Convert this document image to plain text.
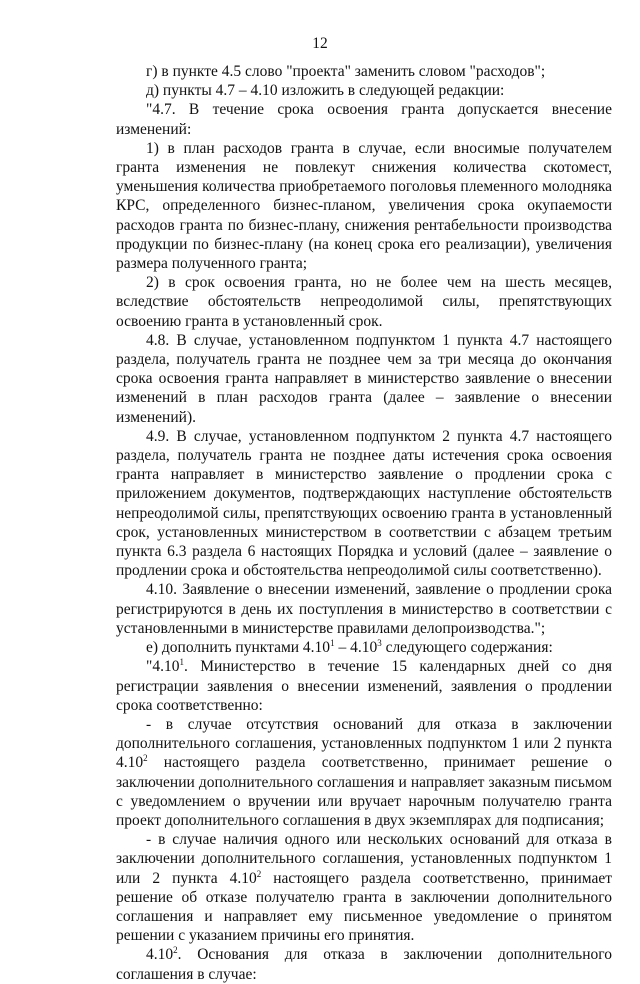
12

г) в пункте 4.5 слово "проекта" заменить словом "расходов";

д) пункты 4.7 – 4.10 изложить в следующей редакции:

"4.7. В течение срока освоения гранта допускается внесение изменений:

1) в план расходов гранта в случае, если вносимые получателем гранта изменения не повлекут снижения количества скотомест, уменьшения количества приобретаемого поголовья племенного молодняка КРС, определенного бизнес-планом, увеличения срока окупаемости расходов гранта по бизнес-плану, снижения рентабельности производства продукции по бизнес-плану (на конец срока его реализации), увеличения размера полученного гранта;

2) в срок освоения гранта, но не более чем на шесть месяцев, вследствие обстоятельств непреодолимой силы, препятствующих освоению гранта в установленный срок.

4.8. В случае, установленном подпунктом 1 пункта 4.7 настоящего раздела, получатель гранта не позднее чем за три месяца до окончания срока освоения гранта направляет в министерство заявление о внесении изменений в план расходов гранта (далее – заявление о внесении изменений).

4.9. В случае, установленном подпунктом 2 пункта 4.7 настоящего раздела, получатель гранта не позднее даты истечения срока освоения гранта направляет в министерство заявление о продлении срока с приложением документов, подтверждающих наступление обстоятельств непреодолимой силы, препятствующих освоению гранта в установленный срок, установленных министерством в соответствии с абзацем третьим пункта 6.3 раздела 6 настоящих Порядка и условий (далее – заявление о продлении срока и обстоятельства непреодолимой силы соответственно).

4.10. Заявление о внесении изменений, заявление о продлении срока регистрируются в день их поступления в министерство в соответствии с установленными в министерстве правилами делопроизводства.";

е) дополнить пунктами 4.10$^1$ – 4.10$^3$ следующего содержания:

"4.10$^1$. Министерство в течение 15 календарных дней со дня регистрации заявления о внесении изменений, заявления о продлении срока соответственно:

- в случае отсутствия оснований для отказа в заключении дополнительного соглашения, установленных подпунктом 1 или 2 пункта 4.10$^2$ настоящего раздела соответственно, принимает решение о заключении дополнительного соглашения и направляет заказным письмом с уведомлением о вручении или вручает нарочным получателю гранта проект дополнительного соглашения в двух экземплярах для подписания;

- в случае наличия одного или нескольких оснований для отказа в заключении дополнительного соглашения, установленных подпунктом 1 или 2 пункта 4.10$^2$ настоящего раздела соответственно, принимает решение об отказе получателю гранта в заключении дополнительного соглашения и направляет ему письменное уведомление о принятом решении с указанием причины его принятия.

4.10$^2$. Основания для отказа в заключении дополнительного соглашения в случае:
